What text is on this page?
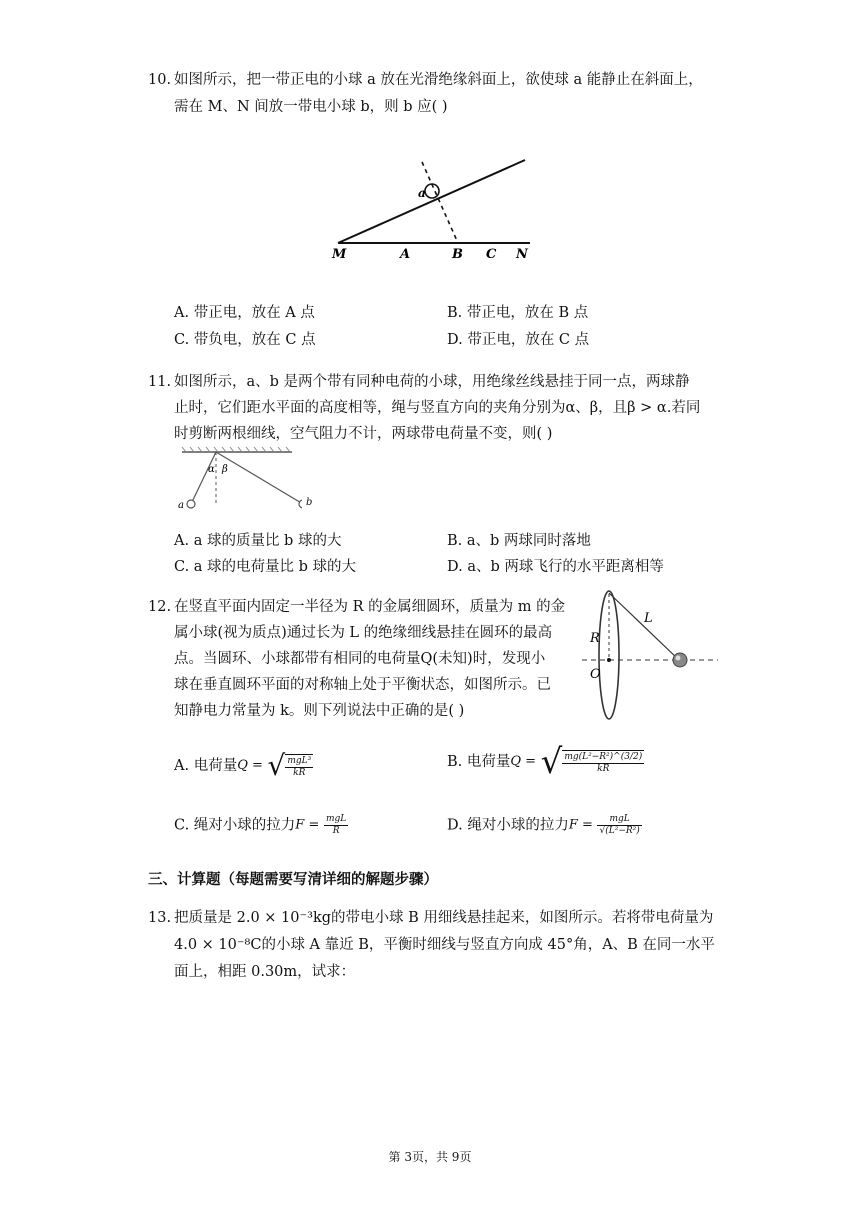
10. 如图所示，把一带正电的小球 a 放在光滑绝缘斜面上，欲使球 a 能静止在斜面上，
需在 M、N 间放一带电小球 b，则 b 应( )
a
M	A	B C N
A. 带正电，放在 A 点	B. 带正电，放在 B 点
C. 带负电，放在 C 点	D. 带正电，放在 C 点
11. 如图所示，a、b 是两个带有同种电荷的小球，用绝缘丝线悬挂于同一点，两球静
止时，它们距水平面的高度相等，绳与竖直方向的夹角分别为α、β，且β > α.若同
时剪断两根细线，空气阻力不计，两球带电荷量不变，则( )
α β
a	b
A. a 球的质量比 b 球的大	B. a、b 两球同时落地
C. a 球的电荷量比 b 球的大	D. a、b 两球飞行的水平距离相等
12. 在竖直平面内固定一半径为 R 的金属细圆环，质量为 m 的金
属小球(视为质点)通过长为 L 的绝缘细线悬挂在圆环的最高
点。当圆环、小球都带有相同的电荷量Q(未知)时，发现小
球在垂直圆环平面的对称轴上处于平衡状态，如图所示。已
知静电力常量为 k。则下列说法中正确的是( )
R
O
L
A. 电荷量Q = √ $\frac{\text{mgL³}}{kR}$	B. 电荷量Q = √ $\frac{\text{mg(L²−R²)\textasciicircum{}(3/2)}}{kR}$
C. 绳对小球的拉力$F = \frac{\text{mgL}}{R}$	D. 绳对小球的拉力$F = \frac{\text{mgL}}{\text{√(L²−R²)}}$
三、计算题（每题需要写清详细的解题步骤）
13. 把质量是 2.0 × 10⁻³kg的带电小球 B 用细线悬挂起来，如图所示。若将带电荷量为
4.0 × 10⁻⁸C的小球 A 靠近 B，平衡时细线与竖直方向成 45°角，A、B 在同一水平
面上，相距 0.30m，试求：
第 3页，共 9页
